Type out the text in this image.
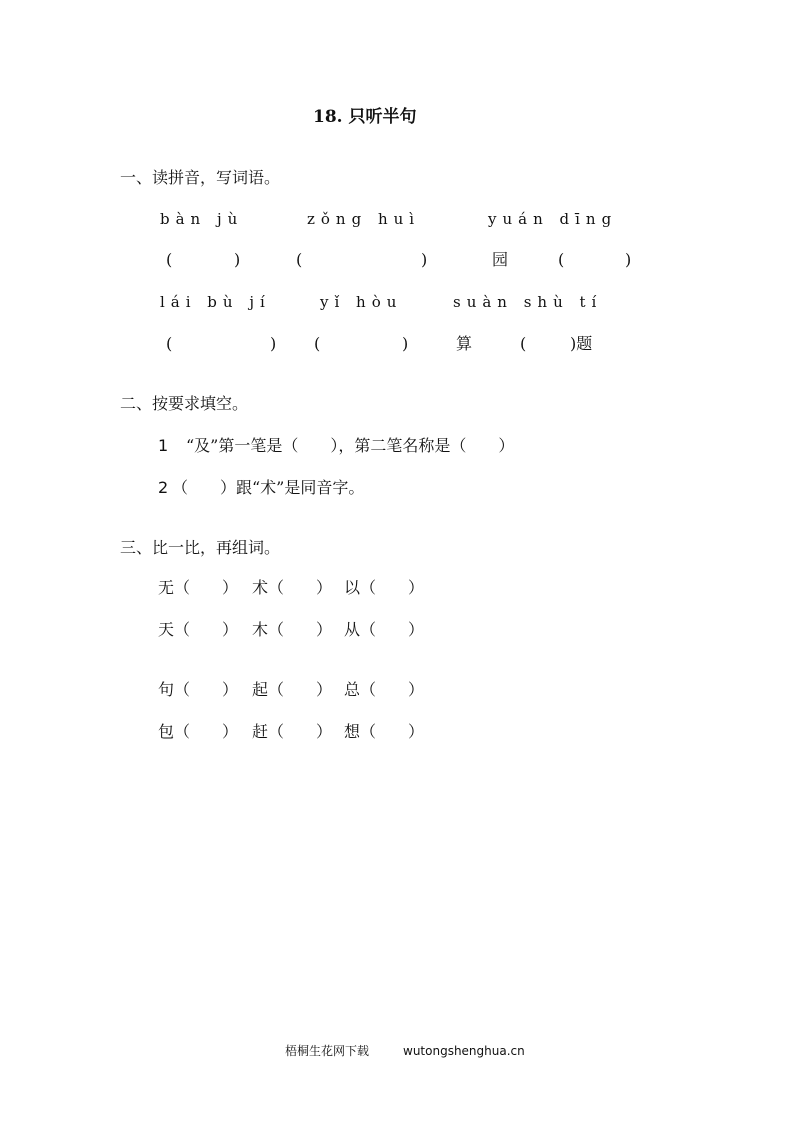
18. 只听半句
一、读拼音，写词语。
bàn jù	zǒng huì	yuán dīng
(	)	(	)	园	(	)
lái bù jí	yǐ hòu	suàn shù tí
(	) (	)	算	(	)题
二、按要求填空。
1 “及”第一笔是（　　），第二笔名称是（　　）
2 （　　）跟“术”是同音字。
三、比一比，再组词。
无（　　） 术（　　） 以（　　）
天（　　） 木（　　） 从（　　）
句（　　） 起（　　） 总（　　）
包（　　） 赶（　　） 想（　　）
梧桐生花网下载	wutongshenghua.cn
